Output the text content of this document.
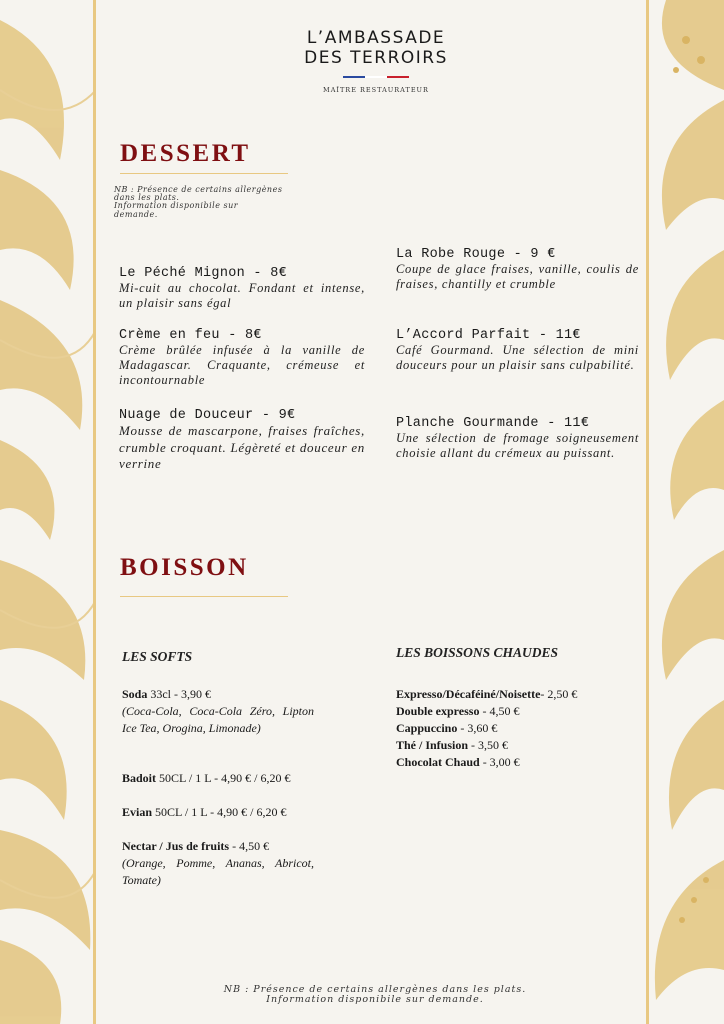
L’AMBASSADE
DES TERROIRS
MAÎTRE RESTAURATEUR
DESSERT
NB : Présence de certains allergènes
dans les plats.
Information disponibile sur
demande.
Le Péché Mignon - 8€
Mi-cuit au chocolat. Fondant et intense, un plaisir sans égal
Crème en feu - 8€
Crème brûlée infusée à la vanille de Madagascar. Craquante, crémeuse et incontournable
Nuage de Douceur - 9€
Mousse de mascarpone, fraises fraîches, crumble croquant. Légèreté et douceur en verrine
La Robe Rouge - 9 €
Coupe de glace fraises, vanille, coulis de fraises, chantilly et crumble
L’Accord Parfait - 11€
Café Gourmand. Une sélection de mini douceurs pour un plaisir sans culpabilité.
Planche Gourmande - 11€
Une sélection de fromage soigneusement choisie allant du crémeux au puissant.
BOISSON
LES SOFTS	LES BOISSONS CHAUDES
Soda 33cl - 3,90 €
(Coca-Cola, Coca-Cola Zéro, Lipton Ice Tea, Orogina, Limonade)
Badoit 50CL / 1 L - 4,90 € / 6,20 €
Evian 50CL / 1 L - 4,90 € / 6,20 €
Nectar / Jus de fruits - 4,50 €
(Orange, Pomme, Ananas, Abricot, Tomate)
Expresso/Décaféiné/Noisette- 2,50 €
Double expresso - 4,50 €
Cappuccino - 3,60 €
Thé / Infusion - 3,50 €
Chocolat Chaud - 3,00 €
NB : Présence de certains allergènes dans les plats.
Information disponibile sur demande.
